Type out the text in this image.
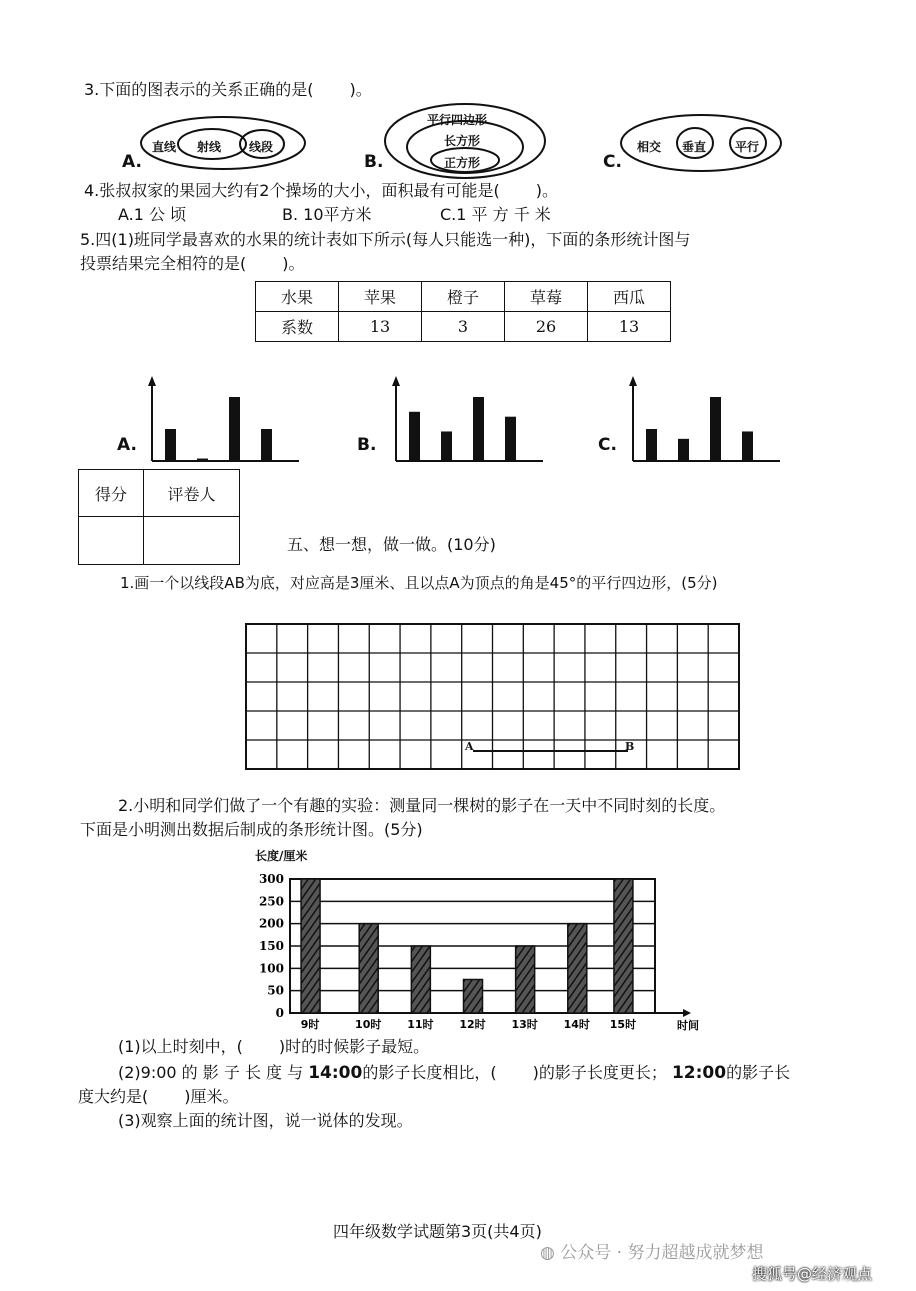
3.下面的图表示的关系正确的是( )。
A.
直线 射线 线段
B.
平行四边形
长方形
正方形	C.
相交 垂直 平行
4.张叔叔家的果园大约有2个操场的大小，面积最有可能是( )。
A.1 公 顷	B. 10平方米	C.1 平 方 千 米
5.四(1)班同学最喜欢的水果的统计表如下所示(每人只能选一种)，下面的条形统计图与
投票结果完全相符的是( )。
水果	苹果	橙子	草莓	西瓜
系数	13	3	26	13
A.	B.	C.
得分	评卷人

五、想一想，做一做。(10分)
1.画一个以线段AB为底，对应高是3厘米、且以点A为顶点的角是45°的平行四边形，(5分)
A	B
2.小明和同学们做了一个有趣的实验：测量同一棵树的影子在一天中不同时刻的长度。
下面是小明测出数据后制成的条形统计图。(5分)
0
50
100
150
200
250
300
时间
9时	10时 11时 12时 13时 14时 15时
长度/厘米
(1)以上时刻中，( )时的时候影子最短。
(2)9:00 的 影 子 长 度 与 14:00的影子长度相比，( )的影子长度更长； 12:00的影子长
度大约是( )厘米。
(3)观察上面的统计图，说一说体的发现。
四年级数学试题第3页(共4页)
◍ 公众号 · 努力超越成就梦想
搜狐号@经济观点
